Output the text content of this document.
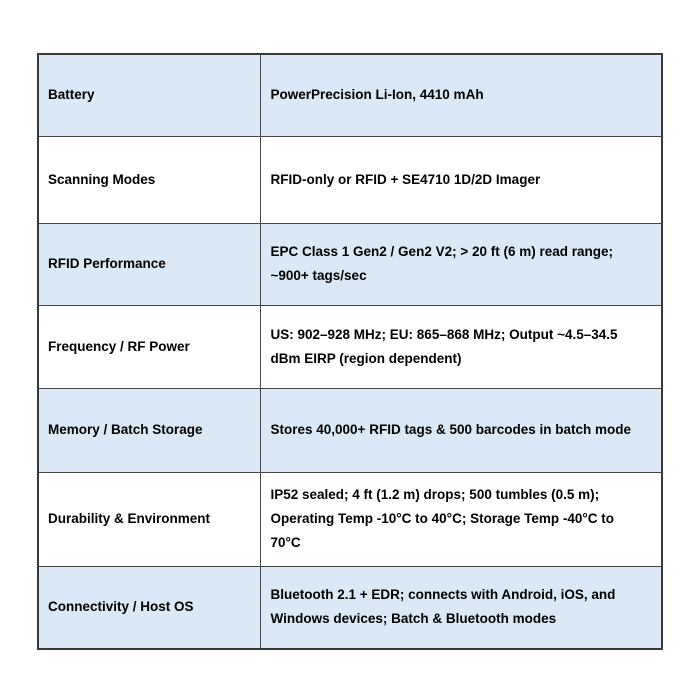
Battery	PowerPrecision Li-Ion, 4410 mAh
Scanning Modes	RFID-only or RFID + SE4710 1D/2D Imager
RFID Performance	EPC Class 1 Gen2 / Gen2 V2; > 20 ft (6 m) read range; ~900+ tags/sec
Frequency / RF Power	US: 902–928 MHz; EU: 865–868 MHz; Output ~4.5–34.5 dBm EIRP (region dependent)
Memory / Batch Storage	Stores 40,000+ RFID tags & 500 barcodes in batch mode
Durability & Environment	IP52 sealed; 4 ft (1.2 m) drops; 500 tumbles (0.5 m); Operating Temp -10°C to 40°C; Storage Temp -40°C to 70°C
Connectivity / Host OS	Bluetooth 2.1 + EDR; connects with Android, iOS, and Windows devices; Batch & Bluetooth modes
